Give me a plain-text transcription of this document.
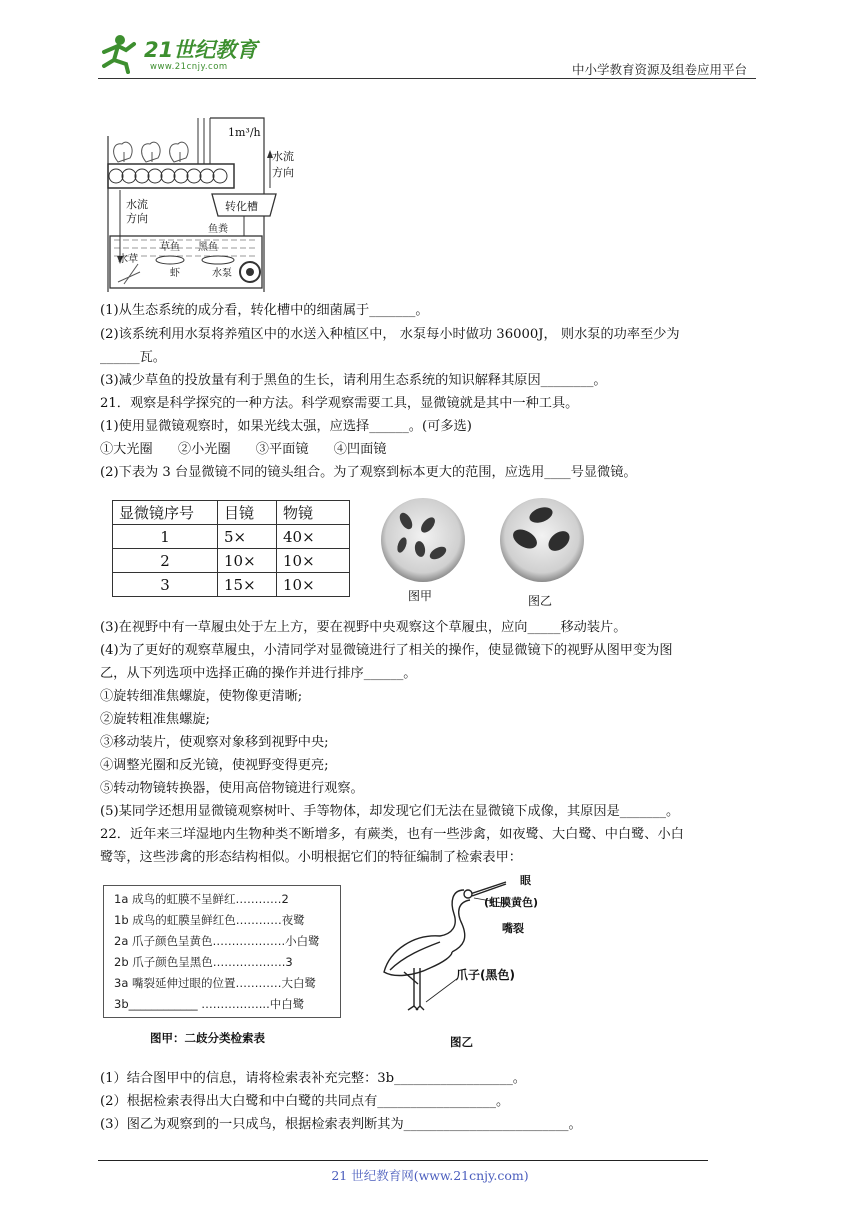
21世纪教育
www.21cnjy.com	中小学教育资源及组卷应用平台
1m³/h
水流
方向
水流
方向
转化槽
鱼粪
草鱼 黑鱼
水草
虾	水泵
(1)从生态系统的成分看，转化槽中的细菌属于_______。
(2)该系统利用水泵将养殖区中的水送入种植区中， 水泵每小时做功 36000J， 则水泵的功率至少为
______瓦。
(3)减少草鱼的投放量有利于黑鱼的生长，请利用生态系统的知识解释其原因________。
21．观察是科学探究的一种方法。科学观察需要工具，显微镜就是其中一种工具。
(1)使用显微镜观察时，如果光线太强，应选择______。(可多选)
①大光圈      ②小光圈      ③平面镜      ④凹面镜
(2)下表为 3 台显微镜不同的镜头组合。为了观察到标本更大的范围，应选用____号显微镜。
显微镜序号	目镜	物镜
1	5×	40×
2	10×	10×
3	15×	10×
图甲	图乙
(3)在视野中有一草履虫处于左上方，要在视野中央观察这个草履虫，应向_____移动装片。
(4)为了更好的观察草履虫，小清同学对显微镜进行了相关的操作，使显微镜下的视野从图甲变为图
乙，从下列选项中选择正确的操作并进行排序______。
①旋转细准焦螺旋，使物像更清晰;
②旋转粗准焦螺旋;
③移动装片，使观察对象移到视野中央;
④调整光圈和反光镜，使视野变得更亮;
⑤转动物镜转换器，使用高倍物镜进行观察。
(5)某同学还想用显微镜观察树叶、手等物体，却发现它们无法在显微镜下成像，其原因是_______。
22．近年来三垟湿地内生物种类不断增多，有蕨类，也有一些涉禽，如夜鹭、大白鹭、中白鹭、小白
鹭等，这些涉禽的形态结构相似。小明根据它们的特征编制了检索表甲：
1a 成鸟的虹膜不呈鲜红…………2
1b 成鸟的虹膜呈鲜红色…………夜鹭
2a 爪子颜色呈黄色……………….小白鹭
2b 爪子颜色呈黑色……………….3
3a 嘴裂延伸过眼的位置…………大白鹭
3b____________ ……………...中白鹭
图甲：二歧分类检索表
眼
(虹膜黄色)
嘴裂
爪子(黑色)
图乙
(1）结合图甲中的信息，请将检索表补充完整：3b__________________。
(2）根据检索表得出大白鹭和中白鹭的共同点有__________________。
(3）图乙为观察到的一只成鸟，根据检索表判断其为_________________________。
21 世纪教育网(www.21cnjy.com)
